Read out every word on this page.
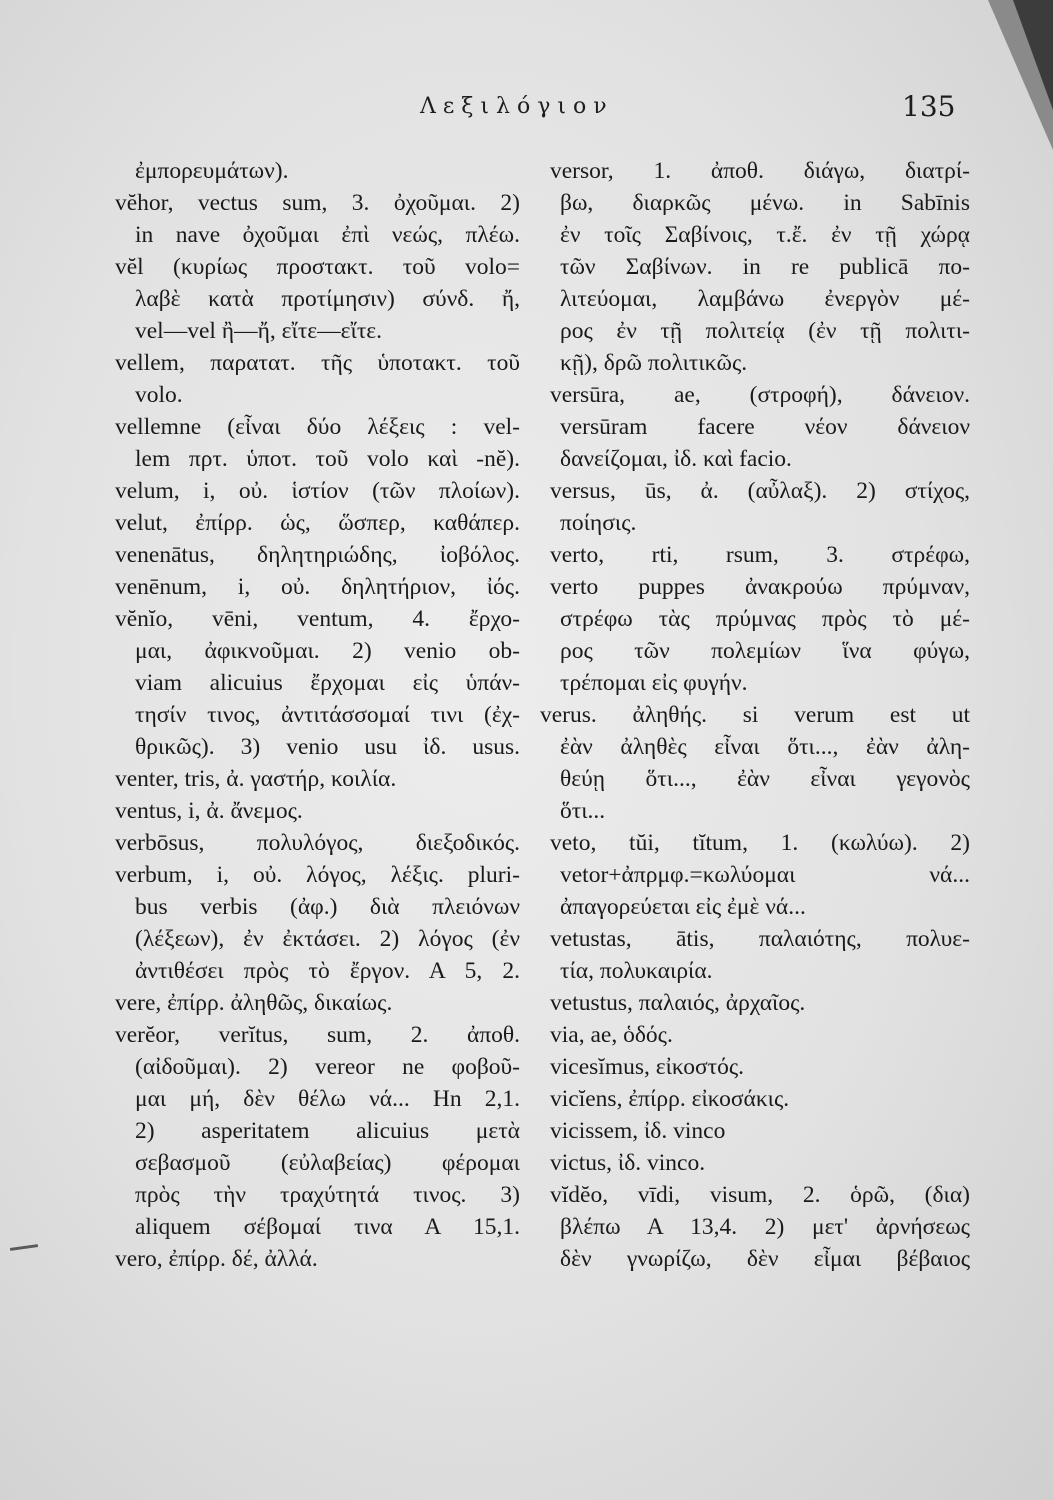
Λεξιλόγιον	135
ἐμπορευμάτων).
vĕhor, vectus sum, 3. ὀχοῦμαι. 2)
in nave ὀχοῦμαι ἐπὶ νεώς, πλέω.
vĕl (κυρίως προστακτ. τοῦ volo=
λαβὲ κατὰ προτίμησιν) σύνδ. ἤ,
vel—vel ἢ—ἤ, εἴτε—εἴτε.
vellem, παρατατ. τῆς ὑποτακτ. τοῦ
volo.
vellemne (εἶναι δύο λέξεις : vel-
lem πρτ. ὑποτ. τοῦ volo καὶ -nĕ).
velum, i, οὐ. ἱστίον (τῶν πλοίων).
velut, ἐπίρρ. ὡς, ὥσπερ, καθάπερ.
venenātus, δηλητηριώδης, ἰοβόλος.
venēnum, i, οὐ. δηλητήριον, ἰός.
vĕnĭo, vēni, ventum, 4. ἔρχο-
μαι, ἀφικνοῦμαι. 2) venio ob-
viam alicuius ἔρχομαι εἰς ὑπάν-
τησίν τινος, ἀντιτάσσομαί τινι (ἐχ-
θρικῶς). 3) venio usu ἰδ. usus.
venter, tris, ἀ. γαστήρ, κοιλία.
ventus, i, ἀ. ἄνεμος.
verbōsus, πολυλόγος, διεξοδικός.
verbum, i, οὐ. λόγος, λέξις. pluri-
bus verbis (ἀφ.) διὰ πλειόνων
(λέξεων), ἐν ἐκτάσει. 2) λόγος (ἐν
ἀντιθέσει πρὸς τὸ ἔργον. Α 5, 2.
vere, ἐπίρρ. ἀληθῶς, δικαίως.
verĕor, verĭtus, sum, 2. ἀποθ.
(αἰδοῦμαι). 2) vereor ne φοβοῦ-
μαι μή, δὲν θέλω νά... Ηn 2,1.
2) asperitatem alicuius μετὰ
σεβασμοῦ (εὐλαβείας) φέρομαι
πρὸς τὴν τραχύτητά τινος. 3)
aliquem σέβομαί τινα Α 15,1.
vero, ἐπίρρ. δέ, ἀλλά.
versor, 1. ἀποθ. διάγω, διατρί-
βω, διαρκῶς μένω. in Sabīnis
ἐν τοῖς Σαβίνοις, τ.ἔ. ἐν τῇ χώρᾳ
τῶν Σαβίνων. in re publicā πο-
λιτεύομαι, λαμβάνω ἐνεργὸν μέ-
ρος ἐν τῇ πολιτείᾳ (ἐν τῇ πολιτι-
κῇ), δρῶ πολιτικῶς.
versūra, ae, (στροφή), δάνειον.
versūram facere νέον δάνειον
δανείζομαι, ἰδ. καὶ facio.
versus, ūs, ἀ. (αὖλαξ). 2) στίχος,
ποίησις.
verto, rti, rsum, 3. στρέφω,
verto puppes ἀνακρούω πρύμναν,
στρέφω τὰς πρύμνας πρὸς τὸ μέ-
ρος τῶν πολεμίων ἵνα φύγω,
τρέπομαι εἰς φυγήν.
verus. ἀληθής. si verum est ut
ἐὰν ἀληθὲς εἶναι ὅτι..., ἐὰν ἀλη-
θεύῃ ὅτι..., ἐὰν εἶναι γεγονὸς
ὅτι...
veto, tŭi, tĭtum, 1. (κωλύω). 2)
vetor+ἀπρμφ.=κωλύομαι νά...
ἀπαγορεύεται εἰς ἐμὲ νά...
vetustas, ātis, παλαιότης, πολυε-
τία, πολυκαιρία.
vetustus, παλαιός, ἀρχαῖος.
via, ae, ὁδός.
vicesĭmus, εἰκοστός.
vicĭens, ἐπίρρ. εἰκοσάκις.
vicissem, ἰδ. vinco
victus, ἰδ. vinco.
vĭdĕo, vīdi, visum, 2. ὁρῶ, (δια)
βλέπω Α 13,4. 2) μετ' ἀρνήσεως
δὲν γνωρίζω, δὲν εἶμαι βέβαιος
